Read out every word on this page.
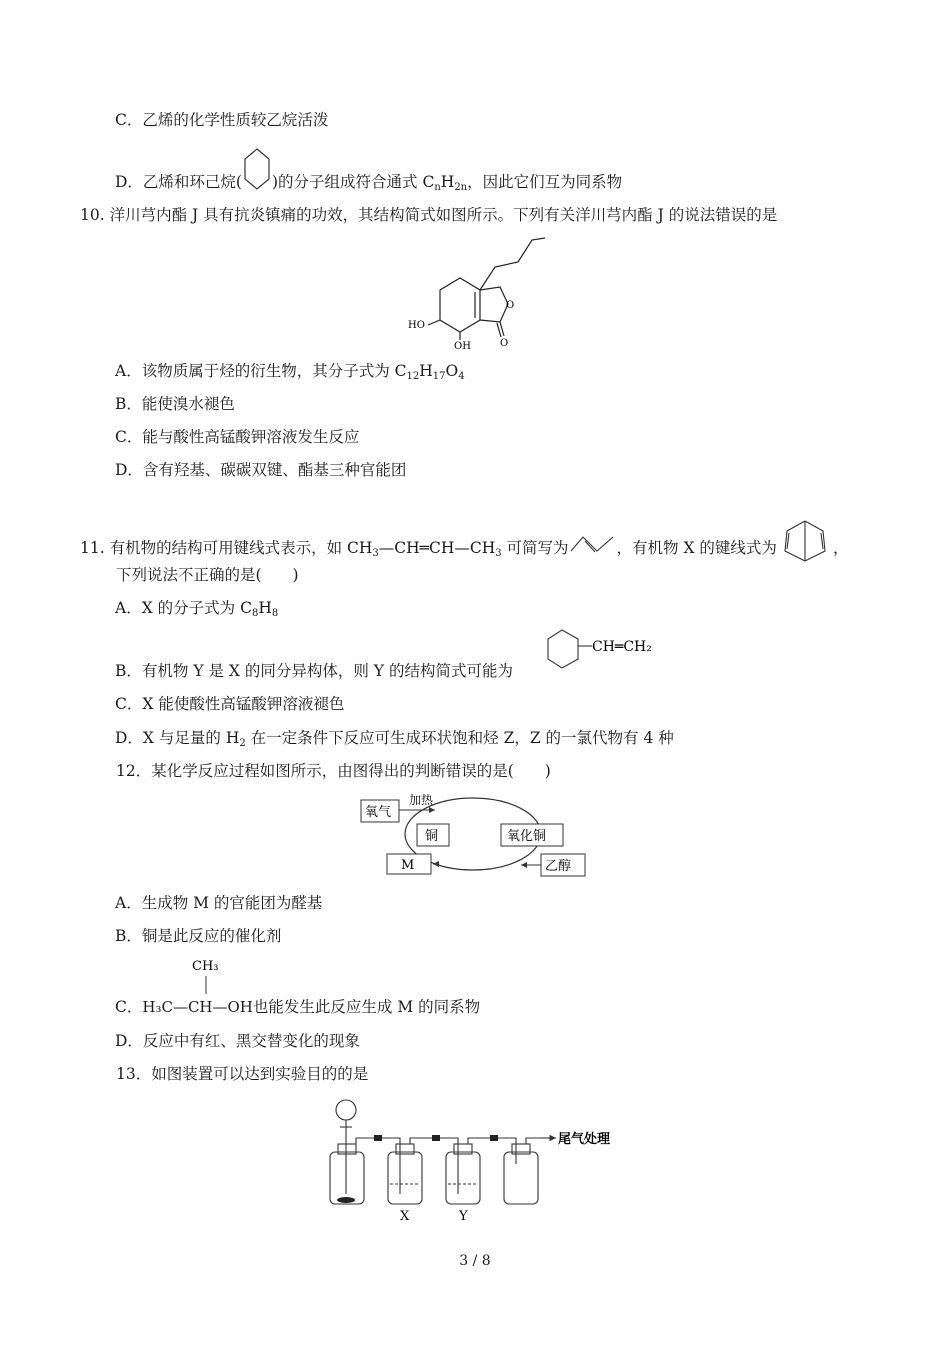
C．乙烯的化学性质较乙烷活泼
D．乙烯和环己烷( )的分子组成符合通式 $C_nH_{2n}$，因此它们互为同系物
10. 洋川芎内酯 J 具有抗炎镇痛的功效，其结构简式如图所示。下列有关洋川芎内酯 J 的说法错误的是
HO
OH
O
O
A．该物质属于烃的衍生物，其分子式为 $C_{12}H_{17}O_4$
B．能使溴水褪色
C．能与酸性高锰酸钾溶液发生反应
D．含有羟基、碳碳双键、酯基三种官能团
11. 有机物的结构可用键线式表示，如 $CH_3—CH═CH—CH_3$ 可简写为	，有机物 X 的键线式为	，
下列说法不正确的是(　　)
A．X 的分子式为 $C_8H_8$
B．有机物 Y 是 X 的同分异构体，则 Y 的结构简式可能为
CH═CH₂
C．X 能使酸性高锰酸钾溶液褪色
D．X 与足量的 $H_2$ 在一定条件下反应可生成环状饱和烃 Z，Z 的一氯代物有 4 种
12．某化学反应过程如图所示，由图得出的判断错误的是(　　)
氧气
加热
铜	氧化铜
M	乙醇
A．生成物 M 的官能团为醛基
B．铜是此反应的催化剂
CH₃
C．H₃C—CH—OH也能发生此反应生成 M 的同系物
D．反应中有红、黑交替变化的现象
13．如图装置可以达到实验目的的是
尾气处理
X	Y
3 / 8
